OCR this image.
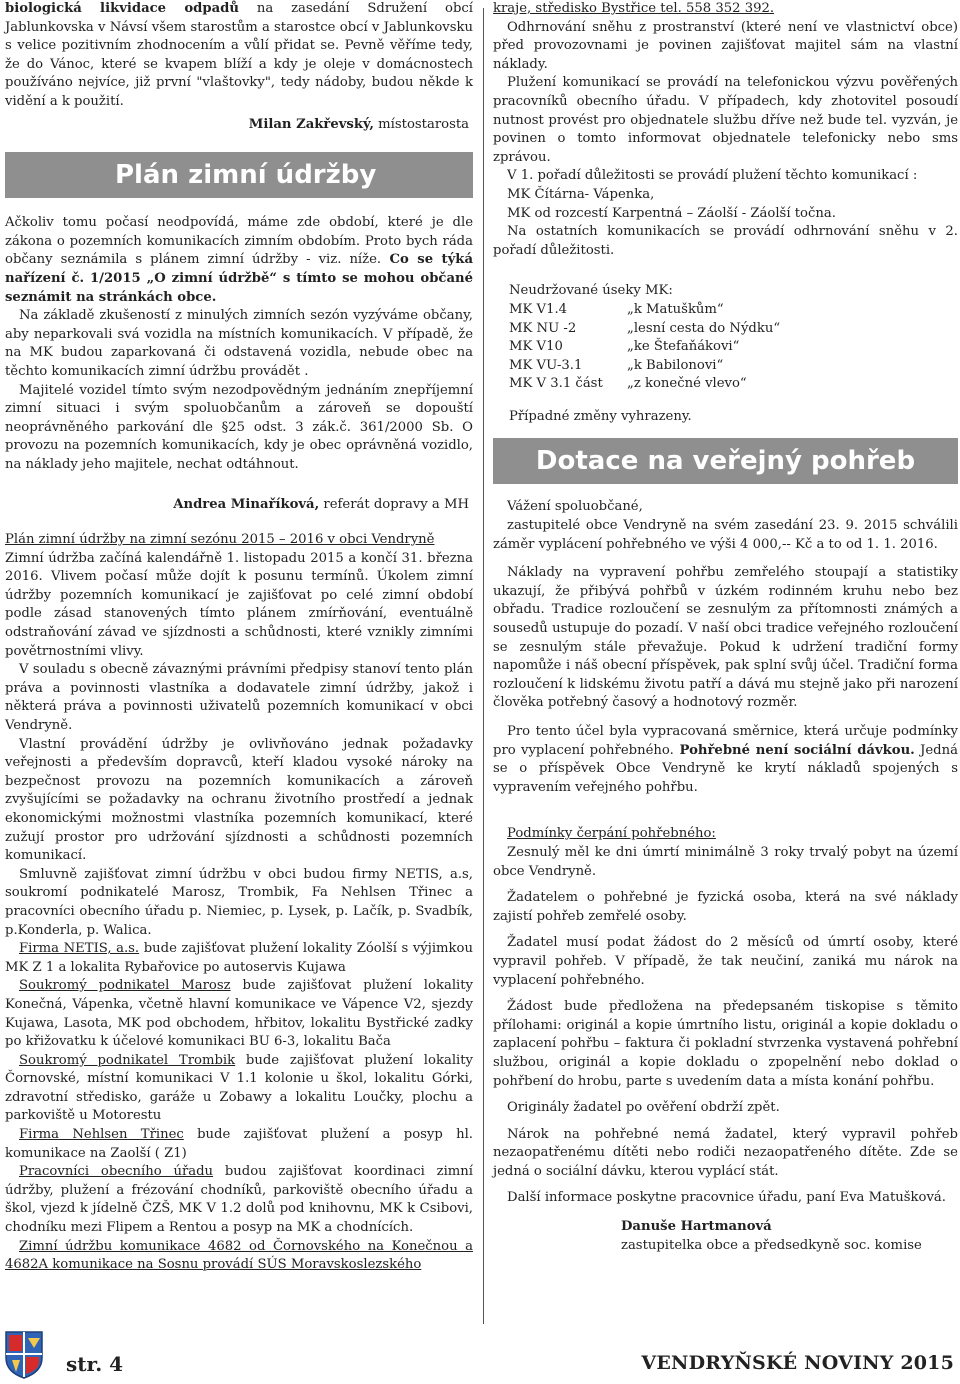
biologická likvidace odpadů na zasedání Sdružení obcí Jablunkovska v Návsí všem starostům a starostce obcí v Jablunkovsku s velice pozitivním zhodnocením a vůlí přidat se. Pevně věříme tedy, že do Vánoc, které se kvapem blíží a kdy je oleje v domácnostech používáno nejvíce, již první "vlaštovky", tedy nádoby, budou někde k vidění a k použití.

Milan Zakřevský, místostarosta

Plán zimní údržby

Ačkoliv tomu počasí neodpovídá, máme zde období, které je dle zákona o pozemních komunikacích zimním obdobím. Proto bych ráda občany seznámila s plánem zimní údržby - viz. níže. Co se týká nařízení č. 1/2015 „O zimní údržbě“ s tímto se mohou občané seznámit na stránkách obce.

Na základě zkušeností z minulých zimních sezón vyzýváme občany, aby neparkovali svá vozidla na místních komunikacích. V případě, že na MK budou zaparkovaná či odstavená vozidla, nebude obec na těchto komunikacích zimní údržbu provádět .

Majitelé vozidel tímto svým nezodpovědným jednáním znepříjemní zimní situaci i svým spoluobčanům a zároveň se dopouští neoprávněného parkování dle §25 odst. 3 zák.č. 361/2000 Sb. O provozu na pozemních komunikacích, kdy je obec oprávněná vozidlo, na náklady jeho majitele, nechat odtáhnout.

Andrea Minaříková, referát dopravy a MH

Plán zimní údržby na zimní sezónu 2015 – 2016 v obci Vendryně

Zimní údržba začíná kalendářně 1. listopadu 2015 a končí 31. března 2016. Vlivem počasí může dojít k posunu termínů. Úkolem zimní údržby pozemních komunikací je zajišťovat po celé zimní období podle zásad stanovených tímto plánem zmírňování, eventuálně odstraňování závad ve sjízdnosti a schůdnosti, které vznikly zimními povětrnostními vlivy.

V souladu s obecně závaznými právními předpisy stanoví tento plán práva a povinnosti vlastníka a dodavatele zimní údržby, jakož i některá práva a povinnosti uživatelů pozemních komunikací v obci Vendryně.

Vlastní provádění údržby je ovlivňováno jednak požadavky veřejnosti a především dopravců, kteří kladou vysoké nároky na bezpečnost provozu na pozemních komunikacích a zároveň zvyšujícími se požadavky na ochranu životního prostředí a jednak ekonomickými možnostmi vlastníka pozemních komunikací, které zužují prostor pro udržování sjízdnosti a schůdnosti pozemních komunikací.

Smluvně zajišťovat zimní údržbu v obci budou firmy NETIS, a.s, soukromí podnikatelé Marosz, Trombik, Fa Nehlsen Třinec a pracovníci obecního úřadu p. Niemiec, p. Lysek, p. Lačík, p. Svadbík, p.Konderla, p. Walica.

Firma NETIS, a.s. bude zajišťovat plužení lokality Zóolší s výjimkou MK Z 1 a lokalita Rybařovice po autoservis Kujawa

Soukromý podnikatel Marosz bude zajišťovat plužení lokality Konečná, Vápenka, včetně hlavní komunikace ve Vápence V2, sjezdy Kujawa, Lasota, MK pod obchodem, hřbitov, lokalitu Bystřické zadky po křižovatku k účelové komunikaci BU 6-3, lokalitu Bača

Soukromý podnikatel Trombik bude zajišťovat plužení lokality Čornovské, místní komunikaci V 1.1 kolonie u škol, lokalitu Górki, zdravotní středisko, garáže u Zobawy a lokalitu Loučky, plochu a parkoviště u Motorestu

Firma Nehlsen Třinec bude zajišťovat plužení a posyp hl. komunikace na Zaolší ( Z1)

Pracovníci obecního úřadu budou zajišťovat koordinaci zimní údržby, plužení a frézování chodníků, parkoviště obecního úřadu a škol, vjezd k jídelně ČZŠ, MK V 1.2 dolů pod knihovnu, MK k Csibovi, chodníku mezi Flipem a Rentou a posyp na MK a chodnících.

Zimní údržbu komunikace 4682 od Čornovského na Konečnou a 4682A komunikace na Sosnu provádí SÚS Moravskoslezského

kraje, středisko Bystřice tel. 558 352 392.

Odhrnování sněhu z prostranství (které není ve vlastnictví obce) před provozovnami je povinen zajišťovat majitel sám na vlastní náklady.

Plužení komunikací se provádí na telefonickou výzvu pověřených pracovníků obecního úřadu. V případech, kdy zhotovitel posoudí nutnost provést pro objednatele službu dříve než bude tel. vyzván, je povinen o tomto informovat objednatele telefonicky nebo sms zprávou.

V 1. pořadí důležitosti se provádí plužení těchto komunikací :

MK Čítárna- Vápenka,

MK od rozcestí Karpentná – Záolší - Záolší točna.

Na ostatních komunikacích se provádí odhrnování sněhu v 2. pořadí důležitosti.

Neudržované úseky MK:

MK V1.4	„k Matuškům“
MK NU -2	„lesní cesta do Nýdku“
MK V10	„ke Štefaňákovi“
MK VU-3.1	„k Babilonovi“
MK V 3.1 část	„z konečné vlevo“

Případné změny vyhrazeny.

Dotace na veřejný pohřeb

Vážení spoluobčané,

zastupitelé obce Vendryně na svém zasedání 23. 9. 2015 schválili záměr vyplácení pohřebného ve výši 4 000,-- Kč a to od 1. 1. 2016.

Náklady na vypravení pohřbu zemřelého stoupají a statistiky ukazují, že přibývá pohřbů v úzkém rodinném kruhu nebo bez obřadu. Tradice rozloučení se zesnulým za přítomnosti známých a sousedů ustupuje do pozadí. V naší obci tradice veřejného rozloučení se zesnulým stále převažuje. Pokud k udržení tradiční formy napomůže i náš obecní příspěvek, pak splní svůj účel. Tradiční forma rozloučení k lidskému životu patří a dává mu stejně jako při narození člověka potřebný časový a hodnotový rozměr.

Pro tento účel byla vypracovaná směrnice, která určuje podmínky pro vyplacení pohřebného. Pohřebné není sociální dávkou. Jedná se o příspěvek Obce Vendryně ke krytí nákladů spojených s vypravením veřejného pohřbu.

Podmínky čerpání pohřebného:

Zesnulý měl ke dni úmrtí minimálně 3 roky trvalý pobyt na území obce Vendryně.

Žadatelem o pohřebné je fyzická osoba, která na své náklady zajistí pohřeb zemřelé osoby.

Žadatel musí podat žádost do 2 měsíců od úmrtí osoby, které vypravil pohřeb. V případě, že tak neučiní, zaniká mu nárok na vyplacení pohřebného.

Žádost bude předložena na předepsaném tiskopise s těmito přílohami: originál a kopie úmrtního listu, originál a kopie dokladu o zaplacení pohřbu – faktura či pokladní stvrzenka vystavená pohřební službou, originál a kopie dokladu o zpopelnění nebo doklad o pohřbení do hrobu, parte s uvedením data a místa konání pohřbu.

Originály žadatel po ověření obdrží zpět.

Nárok na pohřebné nemá žadatel, který vypravil pohřeb nezaopatřenému dítěti nebo rodiči nezaopatřeného dítěte. Zde se jedná o sociální dávku, kterou vyplácí stát.

Další informace poskytne pracovnice úřadu, paní Eva Matušková.

Danuše Hartmanová

zastupitelka obce a předsedkyně soc. komise

str. 4	VENDRYŇSKÉ NOVINY 2015
